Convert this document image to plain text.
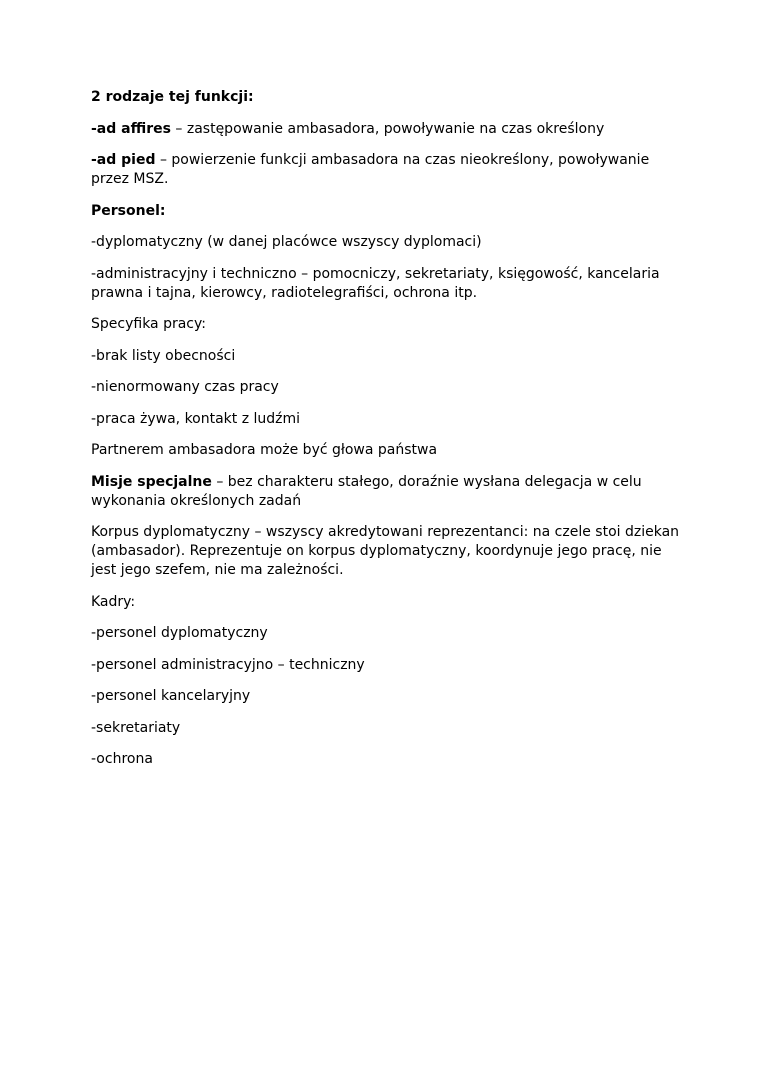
2 rodzaje tej funkcji:

-ad affires – zastępowanie ambasadora, powoływanie na czas określony

-ad pied – powierzenie funkcji ambasadora na czas nieokreślony, powoływanie przez MSZ.

Personel:

-dyplomatyczny (w danej placówce wszyscy dyplomaci)

-administracyjny i techniczno – pomocniczy, sekretariaty, księgowość, kancelaria prawna i tajna, kierowcy, radiotelegrafiści, ochrona itp.

Specyfika pracy:

-brak listy obecności

-nienormowany czas pracy

-praca żywa, kontakt z ludźmi

Partnerem ambasadora może być głowa państwa

Misje specjalne – bez charakteru stałego, doraźnie wysłana delegacja w celu wykonania określonych zadań

Korpus dyplomatyczny – wszyscy akredytowani reprezentanci: na czele stoi dziekan (ambasador). Reprezentuje on korpus dyplomatyczny, koordynuje jego pracę, nie jest jego szefem, nie ma zależności.

Kadry:

-personel dyplomatyczny

-personel administracyjno – techniczny

-personel kancelaryjny

-sekretariaty

-ochrona
